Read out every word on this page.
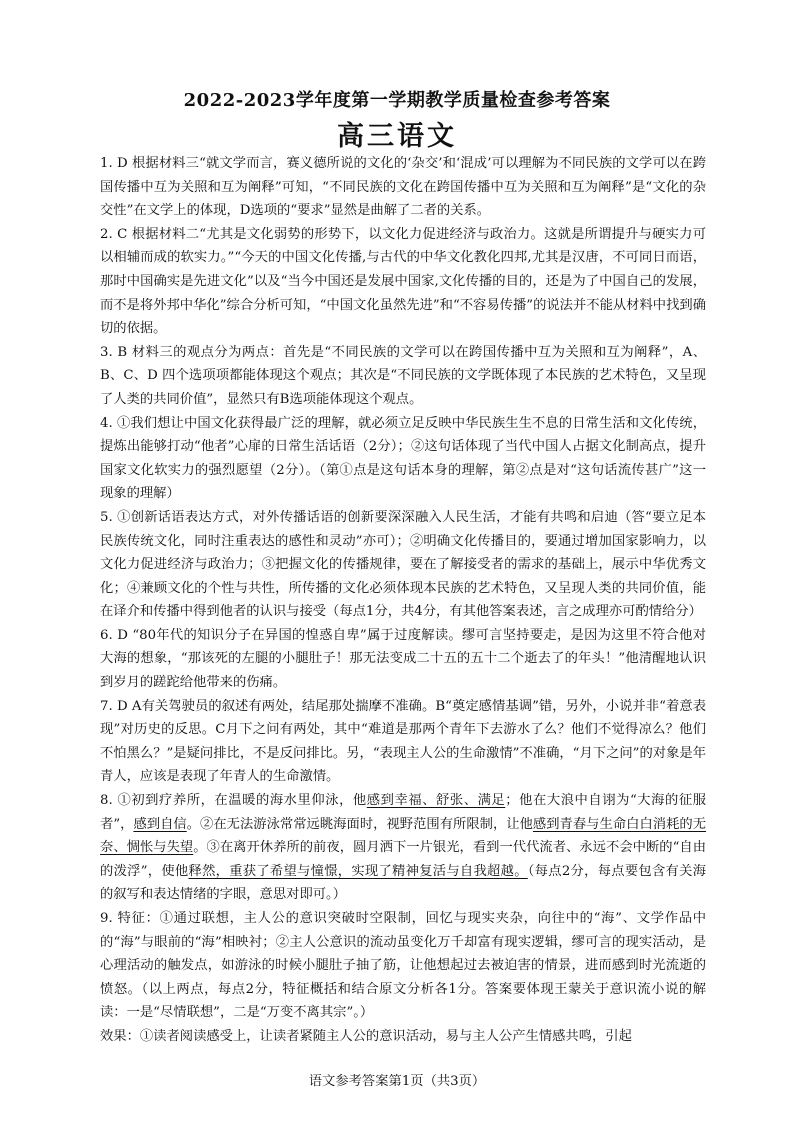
2022-2023学年度第一学期教学质量检查参考答案
高三语文

1. D 根据材料三“就文学而言，赛义德所说的文化的‘杂交’和‘混成’可以理解为不同民族的文学可以在跨国传播中互为关照和互为阐释”可知，“不同民族的文化在跨国传播中互为关照和互为阐释”是“文化的杂交性”在文学上的体现，D选项的“要求”显然是曲解了二者的关系。

2. C 根据材料二“尤其是文化弱势的形势下，以文化力促进经济与政治力。这就是所谓提升与硬实力可以相辅而成的软实力。”“今天的中国文化传播,与古代的中华文化教化四邦,尤其是汉唐，不可同日而语，那时中国确实是先进文化”以及“当今中国还是发展中国家,文化传播的目的，还是为了中国自己的发展，而不是将外邦中华化”综合分析可知，“中国文化虽然先进”和“不容易传播”的说法并不能从材料中找到确切的依据。

3. B 材料三的观点分为两点：首先是“不同民族的文学可以在跨国传播中互为关照和互为阐释”，A、B、C、D 四个选项项都能体现这个观点；其次是“不同民族的文学既体现了本民族的艺术特色，又呈现了人类的共同价值”，显然只有B选项能体现这个观点。

4. ①我们想让中国文化获得最广泛的理解，就必须立足反映中华民族生生不息的日常生活和文化传统，提炼出能够打动“他者”心扉的日常生活话语（2分）；②这句话体现了当代中国人占据文化制高点，提升国家文化软实力的强烈愿望（2分）。（第①点是这句话本身的理解，第②点是对“这句话流传甚广”这一现象的理解）

5. ①创新话语表达方式，对外传播话语的创新要深深融入人民生活，才能有共鸣和启迪（答“要立足本民族传统文化，同时注重表达的感性和灵动”亦可）；②明确文化传播目的，要通过增加国家影响力，以文化力促进经济与政治力；③把握文化的传播规律，要在了解接受者的需求的基础上，展示中华优秀文化；④兼顾文化的个性与共性，所传播的文化必须体现本民族的艺术特色，又呈现人类的共同价值，能在译介和传播中得到他者的认识与接受（每点1分，共4分，有其他答案表述，言之成理亦可酌情给分）

6. D “80年代的知识分子在异国的惶惑自卑”属于过度解读。缪可言坚持要走，是因为这里不符合他对大海的想象，“那该死的左腿的小腿肚子！那无法变成二十五的五十二个逝去了的年头！”他清醒地认识到岁月的蹉跎给他带来的伤痛。

7. D A有关驾驶员的叙述有两处，结尾那处揣摩不准确。B“奠定感情基调”错，另外，小说并非“着意表现”对历史的反思。C月下之问有两处，其中“难道是那两个青年下去游水了么？他们不觉得凉么？他们不怕黑么？”是疑问排比，不是反问排比。另，“表现主人公的生命激情”不准确，“月下之问”的对象是年青人，应该是表现了年青人的生命激情。

8. ①初到疗养所，在温暖的海水里仰泳，他感到幸福、舒张、满足；他在大浪中自诩为“大海的征服者”，感到自信。②在无法游泳常常远眺海面时，视野范围有所限制，让他感到青春与生命白白消耗的无奈、惆怅与失望。③在离开休养所的前夜，圆月洒下一片银光，看到一代代流者、永远不会中断的“自由的泼浮”，使他释然，重获了希望与憧憬，实现了精神复活与自我超越。（每点2分，每点要包含有关海的叙写和表达情绪的字眼，意思对即可。）

9. 特征：①通过联想，主人公的意识突破时空限制，回忆与现实夹杂，向往中的“海”、文学作品中的“海”与眼前的“海”相映衬；②主人公意识的流动虽变化万千却富有现实逻辑，缪可言的现实活动，是心理活动的触发点，如游泳的时候小腿肚子抽了筋，让他想起过去被迫害的情景，进而感到时光流逝的愤怒。（以上两点，每点2分，特征概括和结合原文分析各1分。答案要体现王蒙关于意识流小说的解读：一是“尽情联想”，二是“万变不离其宗”。）

效果：①读者阅读感受上，让读者紧随主人公的意识活动，易与主人公产生情感共鸣，引起

语文参考答案第1页（共3页）
